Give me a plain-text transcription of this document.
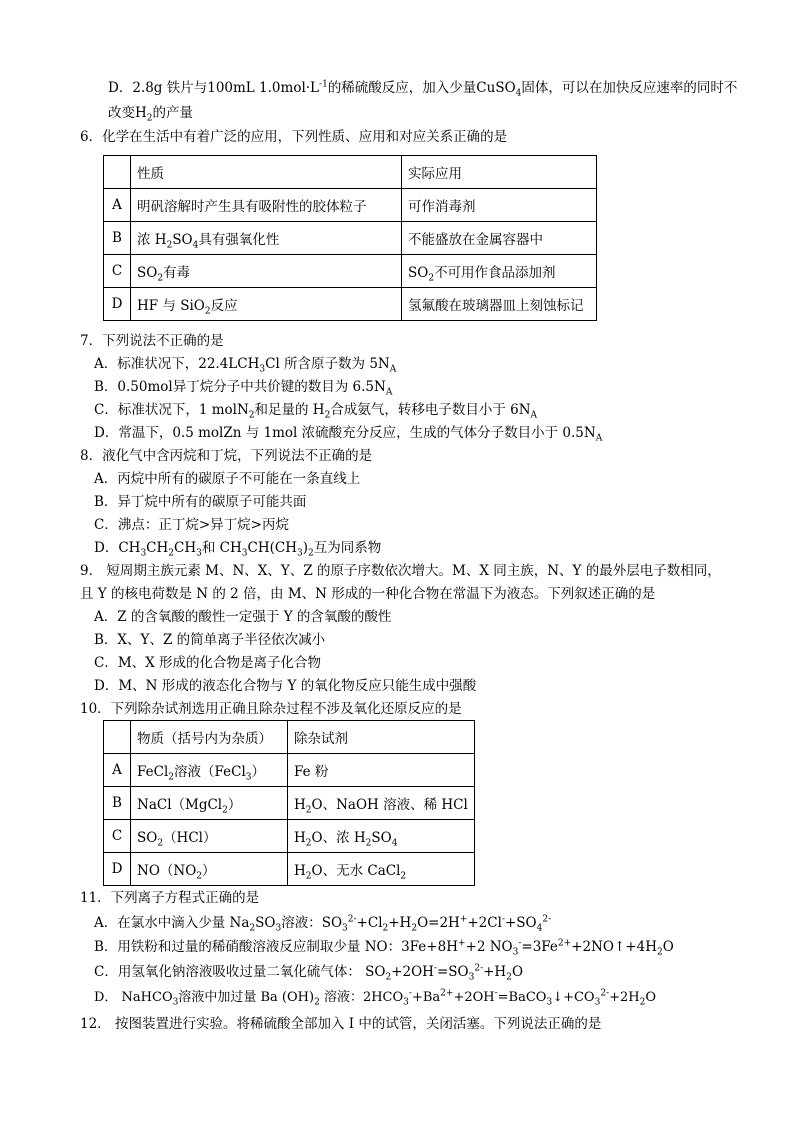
D．2.8g 铁片与100mL $1.0mol\cdot L^{-1}$的稀硫酸反应，加入少量CuSO$_4$固体，可以在加快反应速率的同时不
改变$H_2$的产量
6．化学在生活中有着广泛的应用，下列性质、应用和对应关系正确的是
	性质	实际应用
A	明矾溶解时产生具有吸附性的胶体粒子	可作消毒剂
B	浓 $H_2SO_4$具有强氧化性	不能盛放在金属容器中
C	$SO_2$有毒	$SO_2$不可用作食品添加剂
D	HF 与 SiO$_2$反应	氢氟酸在玻璃器皿上刻蚀标记
7．下列说法不正确的是
A．标准状况下，$22.4LCH_3Cl$ 所含原子数为 $5N_A$
B．0.50mol异丁烷分子中共价键的数目为 $6.5N_A$
C．标准状况下，1 molN$_2$和足量的 $H_2$合成氨气，转移电子数目小于 $6N_A$
D．常温下，0.5 molZn 与 1mol 浓硫酸充分反应，生成的气体分子数目小于 $0.5N_A$
8．液化气中含丙烷和丁烷，下列说法不正确的是
A．丙烷中所有的碳原子不可能在一条直线上
B．异丁烷中所有的碳原子可能共面
C．沸点：正丁烷>异丁烷>丙烷
D．$CH_3CH_2CH_3$和 $CH_3CH(CH_3)_2$互为同系物
9． 短周期主族元素 M、N、X、Y、Z 的原子序数依次增大。M、X 同主族，N、Y 的最外层电子数相同，
且 Y 的核电荷数是 N 的 2 倍，由 M、N 形成的一种化合物在常温下为液态。下列叙述正确的是
A．Z 的含氧酸的酸性一定强于 Y 的含氧酸的酸性
B．X、Y、Z 的简单离子半径依次减小
C．M、X 形成的化合物是离子化合物
D．M、N 形成的液态化合物与 Y 的氧化物反应只能生成中强酸
10．下列除杂试剂选用正确且除杂过程不涉及氧化还原反应的是
	物质（括号内为杂质）	除杂试剂
A	FeCl$_2$溶液（FeCl$_3$）	Fe 粉
B	NaCl（MgCl$_2$）	$H_2O$、NaOH 溶液、稀 HCl
C	$SO_2(HCl)$	$H_2O$、浓 $H_2SO_4$
D	$NO(NO_2)$	$H_2O$、无水 CaCl$_2$
11．下列离子方程式正确的是
A．在氯水中滴入少量 $Na_2SO_3$溶液：$SO_3^{2-}+Cl_2+H_2O=2H^++2Cl^-+SO_4^{2-}$
B．用铁粉和过量的稀硝酸溶液反应制取少量 NO：3Fe+8H++2 $NO_3^-=3Fe^{2+}+2NO↑+4H_2O$
C．用氢氧化钠溶液吸收过量二氧化硫气体： $SO_2+2OH^-=SO_3^{2-}+H_2O$
D． NaHCO$_3$溶液中加过量 Ba $(OH)_2$ 溶液：$2HCO_3^-+Ba^{2+}+2OH^-=BaCO_3↓+CO_3^{2-}+2H_2O$
12． 按图装置进行实验。将稀硫酸全部加入 I 中的试管，关闭活塞。下列说法正确的是
